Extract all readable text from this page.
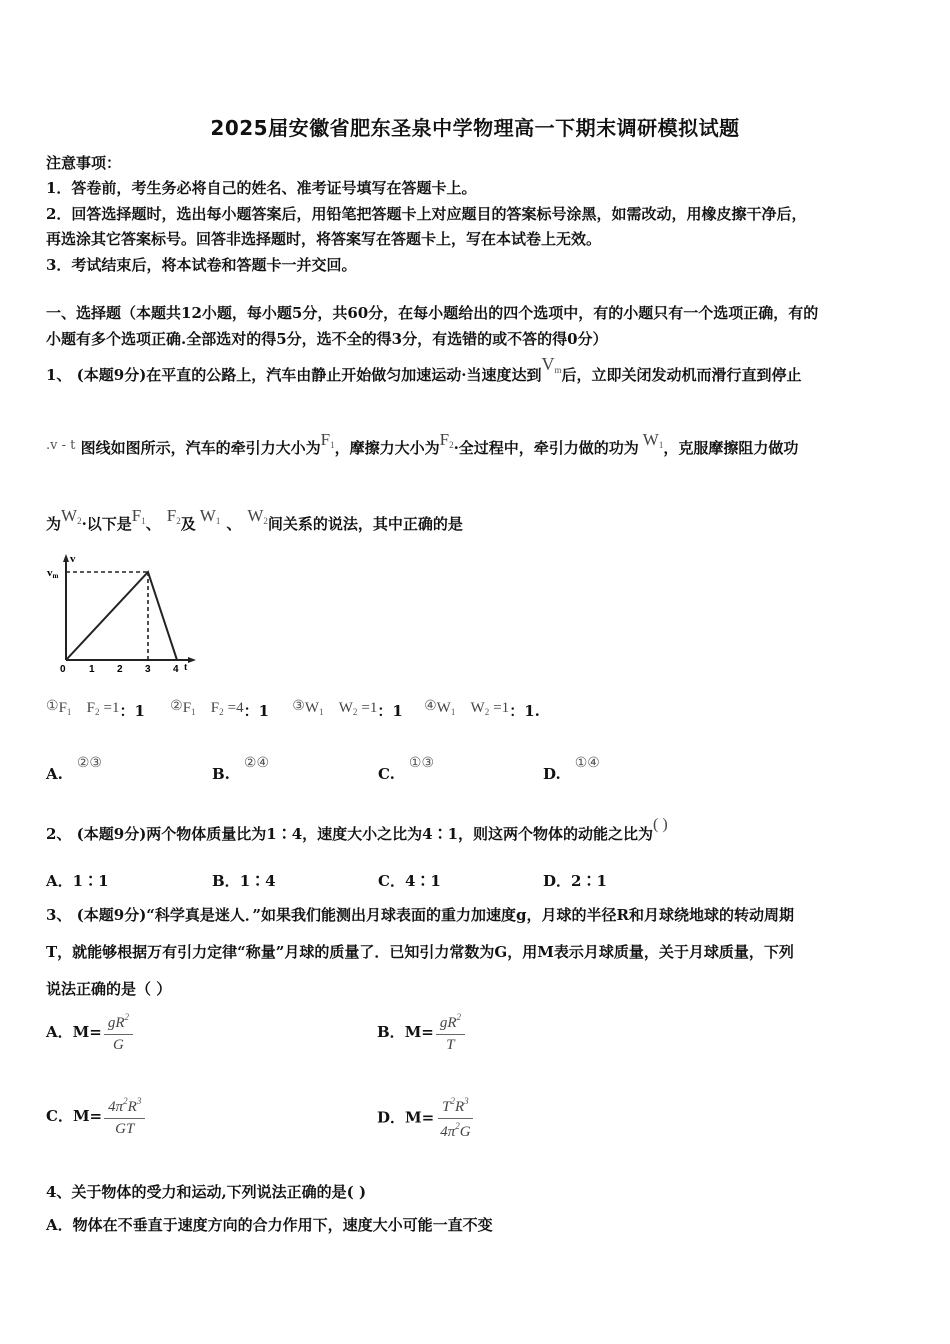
2025届安徽省肥东圣泉中学物理高一下期末调研模拟试题
注意事项：
1．答卷前，考生务必将自己的姓名、准考证号填写在答题卡上。
2．回答选择题时，选出每小题答案后，用铅笔把答题卡上对应题目的答案标号涂黑，如需改动，用橡皮擦干净后，
再选涂其它答案标号。回答非选择题时，将答案写在答题卡上，写在本试卷上无效。
3．考试结束后，将本试卷和答题卡一并交回。
一、选择题（本题共12小题，每小题5分，共60分，在每小题给出的四个选项中，有的小题只有一个选项正确，有的
小题有多个选项正确.全部选对的得5分，选不全的得3分，有选错的或不答的得0分）
1、 (本题9分)在平直的公路上，汽车由静止开始做匀加速运动·当速度达到$V_m$后，立即关闭发动机而滑行直到停止
.v - t 图线如图所示，汽车的牵引力大小为$F_1$，摩擦力大小为$F_2\cdot$全过程中，牵引力做的功为 $W_1$，克服摩擦阻力做功
为$W_2\cdot$以下是$F_1$、 $F_2$及 $W_1$ 、 $W_2$间关系的说法，其中正确的是
v
vm
0 1 2 3 4 t
$①F_1$ $F_2 =1$：1 $②F_1$ $F_2 =4$：1 $③W_1$ $W_2 =1$：1 $④W_1$ $W_2 =1$：1.
A.②③
B.②④
C.①③
D.①④
2、 (本题9分)两个物体质量比为1∶4，速度大小之比为4∶1，则这两个物体的动能之比为( )
A．1∶1	B．1∶4	C．4∶1	D．2∶1
3、 (本题9分)“科学真是迷人．”如果我们能测出月球表面的重力加速度g，月球的半径R和月球绕地球的转动周期
T，就能够根据万有引力定律“称量”月球的质量了．已知引力常数为G，用M表示月球质量，关于月球质量，下列
说法正确的是（ ）
A．$M= \frac{gR^2}{G}$	B．$M= \frac{gR^2}{T}$
C．$M= \frac{4\pi^2R^3}{GT}$	D．$M= \frac{T^2R^3}{4\pi^2G}$
4、关于物体的受力和运动,下列说法正确的是( )
A．物体在不垂直于速度方向的合力作用下，速度大小可能一直不变
